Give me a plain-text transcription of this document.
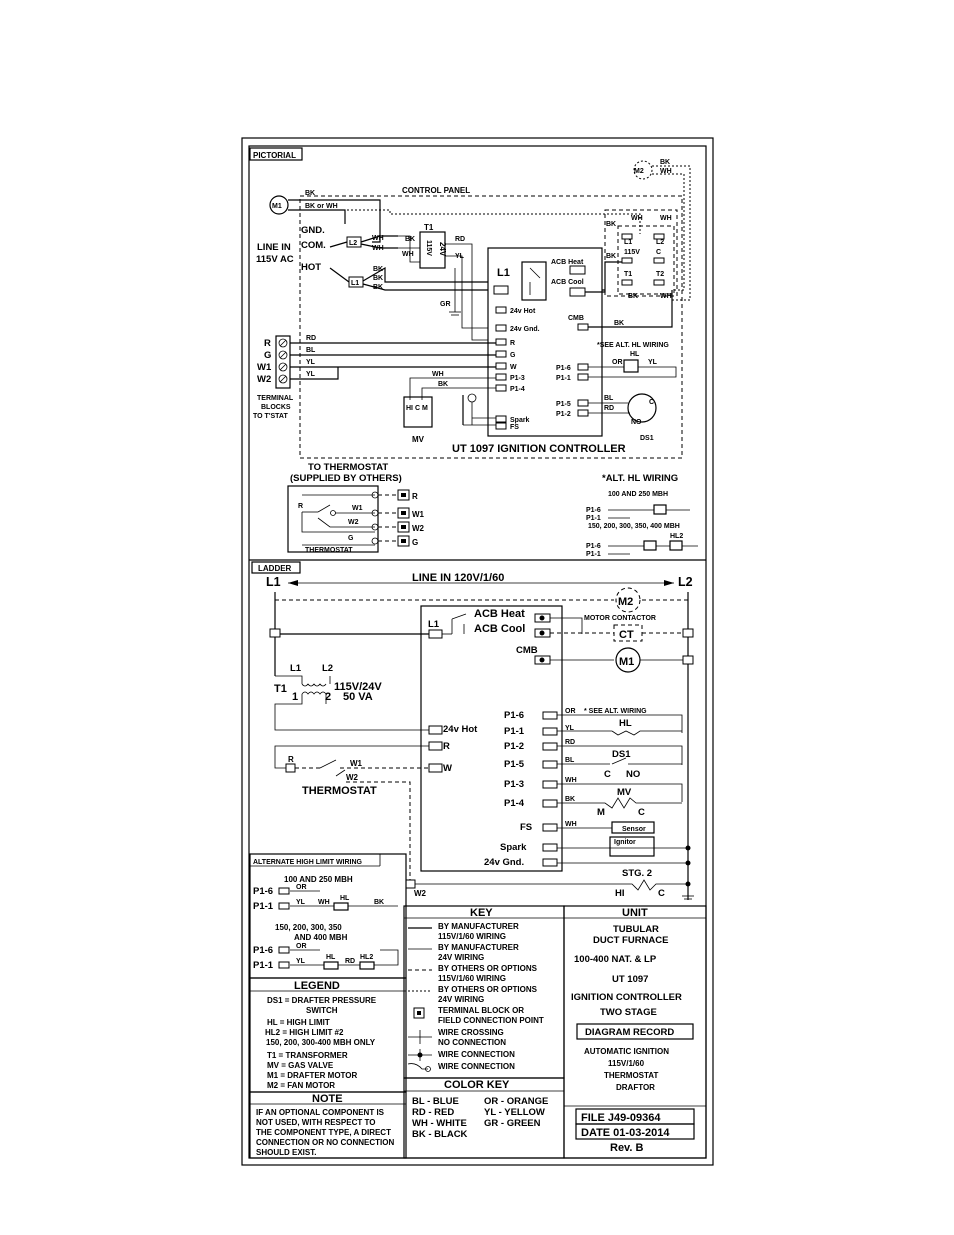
PICTORIAL
CONTROL PANEL
M2
BK
WH
M1
BK
BK or WH
GND.
COM.
HOT
LINE IN
115V AC
L2
L1
WH
WH
T1
24V
115V
BK
WH
RD
YL
BK
BK
BK
GR
L1
ACB Heat
ACB Cool
24v Hot
24v Gnd.
R
G
W
P1-3
P1-4
Spark
FS
CMB
P1-6
P1-1
P1-5
P1-2
UT 1097 IGNITION CONTROLLER
BK
WH WH
BK
L1	L2
115V C
T1	T2
BK	WH
BK
R
G
W1
W2
TERMINAL
BLOCKS
TO T'STAT
RD
BL
YL
YL
HI C M
MV
WH
BK
*SEE ALT. HL WIRING
HL
OR	YL
C
NO
DS1
BL
RD
TO THERMOSTAT
(SUPPLIED BY OTHERS)
R	W1
W2
G
THERMOSTAT
R
W1
W2
G
*ALT. HL WIRING
100 AND 250 MBH
P1-6
P1-1
150, 200, 300, 350, 400 MBH
P1-6
P1-1
HL2
LADDER
L1	L2
LINE IN 120V/1/60
M2
L1
ACB Heat
ACB Cool
MOTOR CONTACTOR
CT
CMB
M1
L1 L2
T1	115V/24V
1 2 50 VA
24v Hot
R
W
R	W1
W2
THERMOSTAT
W2
P1-6
P1-1
P1-2
P1-5
P1-3
P1-4
FS
Spark
24v Gnd.
OR * SEE ALT. WIRING
YL	HL
RD
DS1
BL
C NO
WH
MV
BK
M	C
WH
Sensor
Ignitor
STG. 2
HI	C
ALTERNATE HIGH LIMIT WIRING
100 AND 250 MBH
P1-6
P1-1
OR
YL WH
HL
BK
150, 200, 300, 350
AND 400 MBH
P1-6
P1-1
OR
YL
HL
RD
HL2
LEGEND
DS1 = DRAFTER PRESSURE
SWITCH
HL = HIGH LIMIT
HL2 = HIGH LIMIT #2
150, 200, 300-400 MBH ONLY
T1 = TRANSFORMER
MV = GAS VALVE
M1 = DRAFTER MOTOR
M2 = FAN MOTOR
NOTE
IF AN OPTIONAL COMPONENT IS
NOT USED, WITH RESPECT TO
THE COMPONENT TYPE, A DIRECT
CONNECTION OR NO CONNECTION
SHOULD EXIST.
KEY
BY MANUFACTURER
115V/1/60 WIRING
BY MANUFACTURER
24V WIRING
BY OTHERS OR OPTIONS
115V/1/60 WIRING
BY OTHERS OR OPTIONS
24V WIRING
TERMINAL BLOCK OR
FIELD CONNECTION POINT
WIRE CROSSING
NO CONNECTION
WIRE CONNECTION
WIRE CONNECTION
COLOR KEY
BL - BLUE	OR - ORANGE
RD - RED	YL - YELLOW
WH - WHITE GR - GREEN
BK - BLACK
UNIT
TUBULAR
DUCT FURNACE
100-400 NAT. & LP
UT 1097
IGNITION CONTROLLER
TWO STAGE
DIAGRAM RECORD
AUTOMATIC IGNITION
115V/1/60
THERMOSTAT
DRAFTOR
FILE J49-09364
DATE 01-03-2014
Rev. B
